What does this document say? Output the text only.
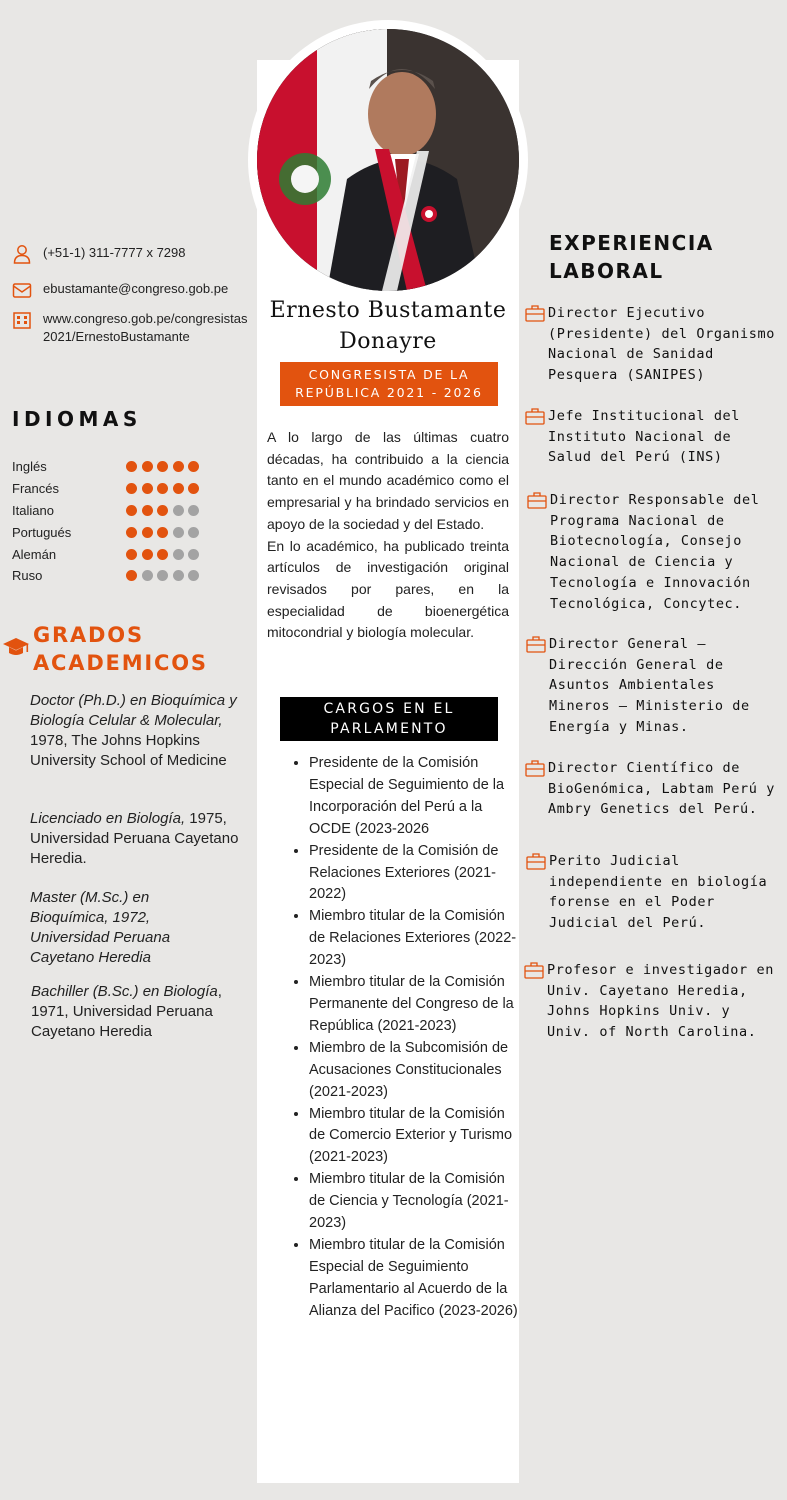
Ernesto Bustamante
Donayre
CONGRESISTA DE LA
REPÚBLICA 2021 - 2026

A lo largo de las últimas cuatro décadas, ha contribuido a la ciencia tanto en el mundo académico como el empresarial y ha brindado servicios en apoyo de la sociedad y del Estado.

En lo académico, ha publicado treinta artículos de investigación original revisados por pares, en la especialidad de bioenergética mitocondrial y biología molecular.

CARGOS EN EL
PARLAMENTO
• Presidente de la Comisión Especial de Seguimiento de la Incorporación del Perú a la OCDE (2023-2026
• Presidente de la Comisión de Relaciones Exteriores (2021-2022)
• Miembro titular de la Comisión de Relaciones Exteriores (2022-2023)
• Miembro titular de la Comisión Permanente del Congreso de la República (2021-2023)
• Miembro de la Subcomisión de Acusaciones Constitucionales (2021-2023)
• Miembro titular de la Comisión de Comercio Exterior y Turismo (2021-2023)
• Miembro titular de la Comisión de Ciencia y Tecnología (2021-2023)
• Miembro titular de la Comisión Especial de Seguimiento Parlamentario al Acuerdo de la Alianza del Pacifico (2023-2026)
(+51-1) 311-7777 x 7298
ebustamante@congreso.gob.pe
www.congreso.gob.pe/congresistas
2021/ErnestoBustamante
IDIOMAS
Inglés
Francés
Italiano
Portugués
Alemán
Ruso
GRADOS
ACADEMICOS
Doctor (Ph.D.) en Bioquímica y Biología Celular & Molecular, 1978, The Johns Hopkins University School of Medicine
Licenciado en Biología, 1975, Universidad Peruana Cayetano Heredia.
Master (M.Sc.) en Bioquímica, 1972, Universidad Peruana Cayetano Heredia
Bachiller (B.Sc.) en Biología, 1971, Universidad Peruana Cayetano Heredia
EXPERIENCIA
LABORAL
Director Ejecutivo (Presidente) del Organismo Nacional de Sanidad Pesquera (SANIPES)
Jefe Institucional del Instituto Nacional de Salud del Perú (INS)
Director Responsable del Programa Nacional de Biotecnología, Consejo Nacional de Ciencia y Tecnología e Innovación Tecnológica, Concytec.
Director General – Dirección General de Asuntos Ambientales Mineros – Ministerio de Energía y Minas.
Director Científico de BioGenómica, Labtam Perú y Ambry Genetics del Perú.
Perito Judicial independiente en biología forense en el Poder Judicial del Perú.
Profesor e investigador en Univ. Cayetano Heredia, Johns Hopkins Univ. y Univ. of North Carolina.
